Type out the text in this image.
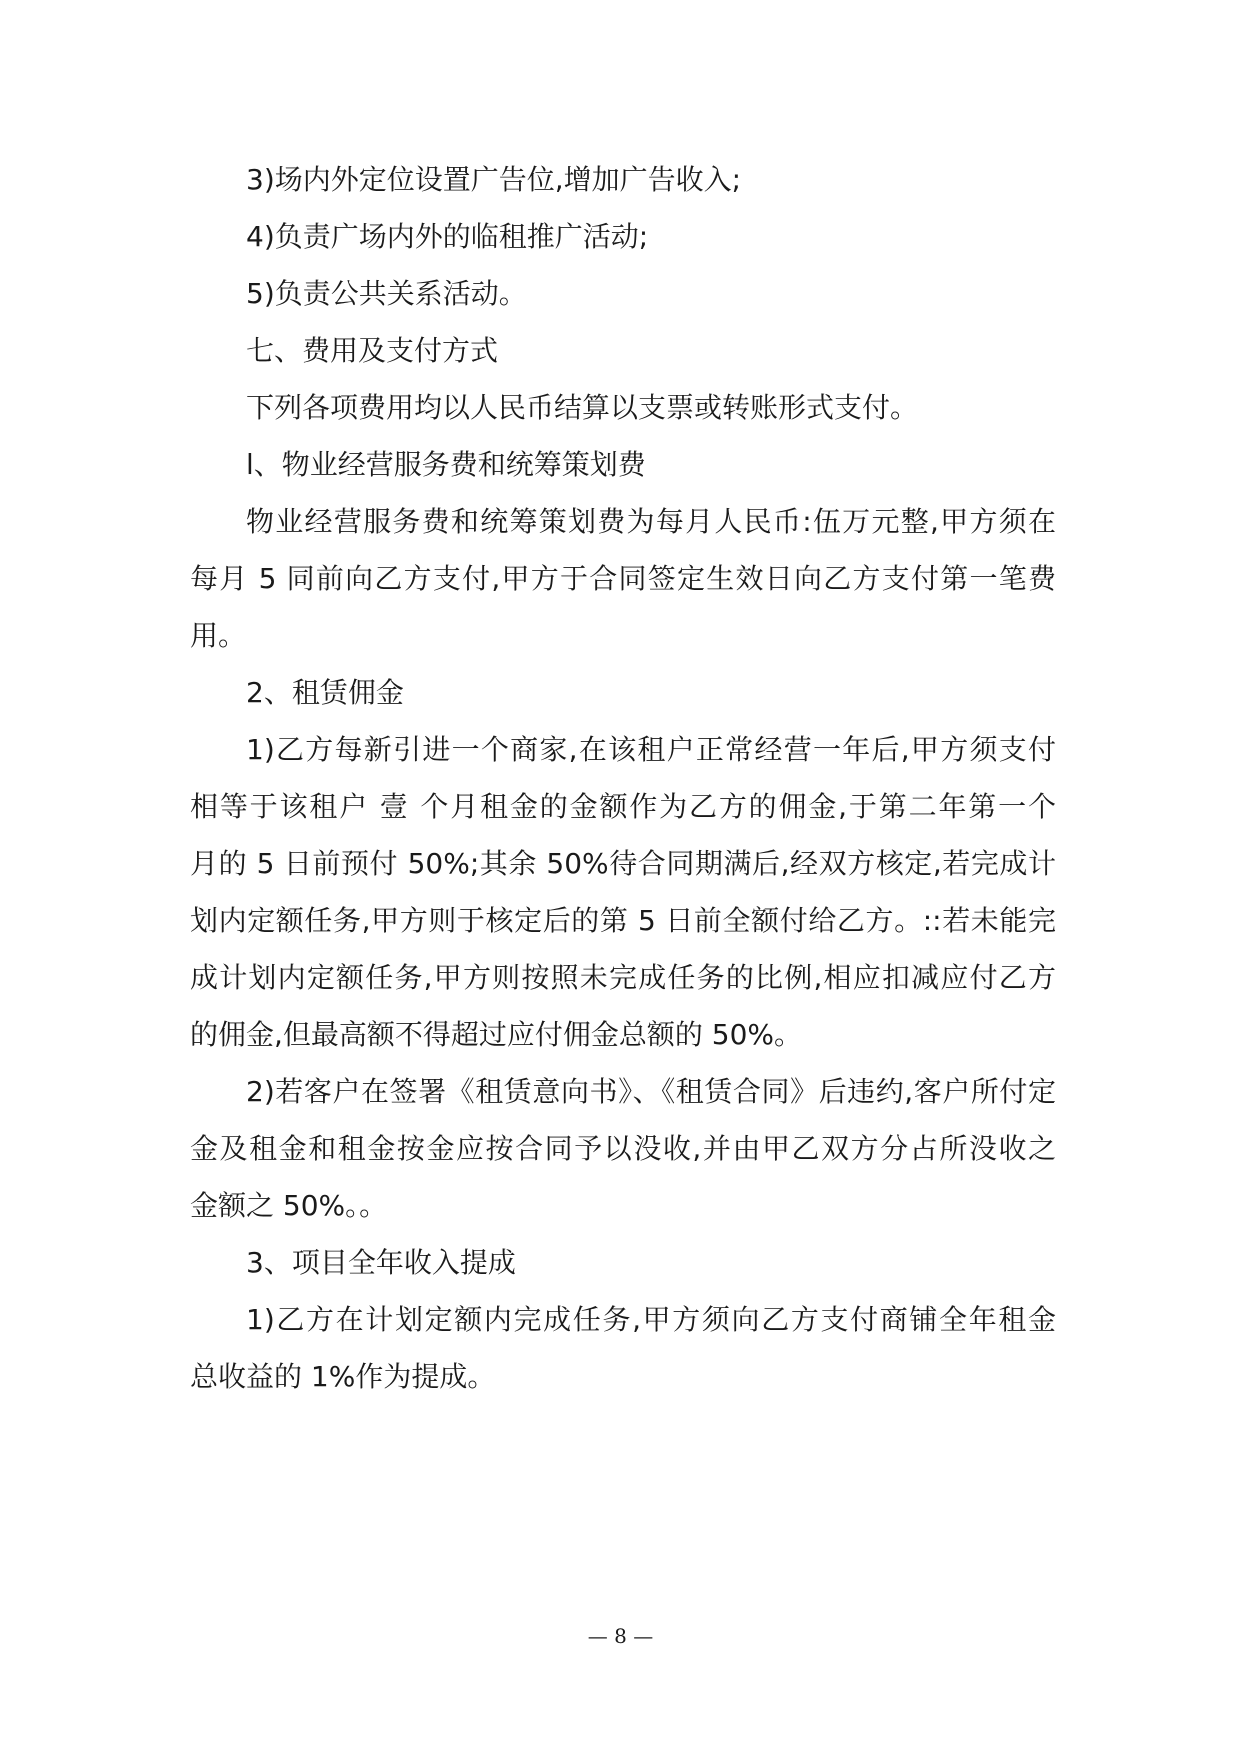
3)场内外定位设置广告位,增加广告收入;
4)负责广场内外的临租推广活动;
5)负责公共关系活动。
七、费用及支付方式
下列各项费用均以人民币结算以支票或转账形式支付。
l、物业经营服务费和统筹策划费
物业经营服务费和统筹策划费为每月人民币:伍万元整,甲方须在
每月 5 同前向乙方支付,甲方于合同签定生效日向乙方支付第一笔费
用。
2、租赁佣金
1)乙方每新引进一个商家,在该租户正常经营一年后,甲方须支付
相等于该租户 壹 个月租金的金额作为乙方的佣金,于第二年第一个
月的 5 日前预付 50%;其余 50%待合同期满后,经双方核定,若完成计
划内定额任务,甲方则于核定后的第 5 日前全额付给乙方。::若未能完
成计划内定额任务,甲方则按照未完成任务的比例,相应扣减应付乙方
的佣金,但最高额不得超过应付佣金总额的 50%。
2)若客户在签署《租赁意向书》、《租赁合同》后违约,客户所付定
金及租金和租金按金应按合同予以没收,并由甲乙双方分占所没收之
金额之 50%。。
3、项目全年收入提成
1)乙方在计划定额内完成任务,甲方须向乙方支付商铺全年租金
总收益的 1%作为提成。
— 8 —
